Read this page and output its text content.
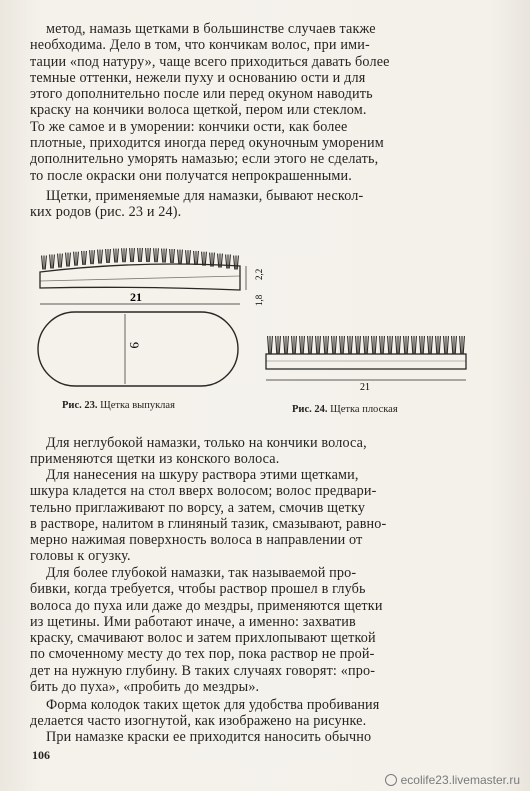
метод, намазь щетками в большинстве случаев также
необходима. Дело в том, что кончикам волос, при ими-
тации «под натуру», чаще всего приходиться давать более
темные оттенки, нежели пуху и основанию ости и для
этого дополнительно после или перед окуном наводить
краску на кончики волоса щеткой, пером или стеклом.
То же самое и в уморении: кончики ости, как более
плотные, приходится иногда перед окуночным умореним
дополнительно уморять намазью; если этого не сделать,
то после окраски они получатся непрокрашенными.
Щетки, применяемые для намазки, бывают нескол-
ких родов (рис. 23 и 24).
1,8
2,2
21
9
Рис. 23. Щетка выпуклая
21
Рис. 24. Щетка плоская
Для неглубокой намазки, только на кончики волоса,
применяются щетки из конского волоса.
Для нанесения на шкуру раствора этими щетками,
шкура кладется на стол вверх волосом; волос предвари-
тельно приглаживают по ворсу, а затем, смочив щетку
в растворе, налитом в глиняный тазик, смазывают, равно-
мерно нажимая поверхность волоса в направлении от
головы к огузку.
Для более глубокой намазки, так называемой про-
бивки, когда требуется, чтобы раствор прошел в глубь
волоса до пуха или даже до мездры, применяются щетки
из щетины. Ими работают иначе, а именно: захватив
краску, смачивают волос и затем прихлопывают щеткой
по смоченному месту до тех пор, пока раствор не прой-
дет на нужную глубину. В таких случаях говорят: «про-
бить до пуха», «пробить до мездры».
Форма колодок таких щеток для удобства пробивания
делается часто изогнутой, как изображено на рисунке.
При намазке краски ее приходится наносить обычно
106
ecolife23.livemaster.ru
